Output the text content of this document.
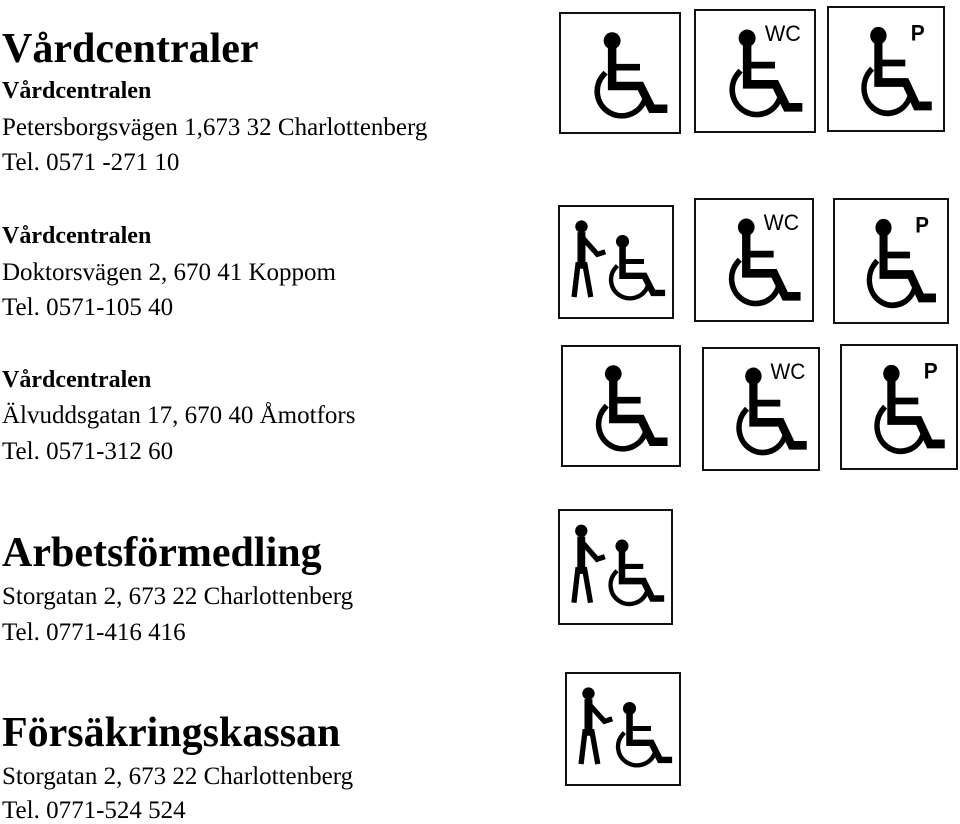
Vårdcentraler
Vårdcentralen
Petersborgsvägen 1,673 32 Charlottenberg
Tel. 0571 -271 10
Vårdcentralen
Doktorsvägen 2, 670 41 Koppom
Tel. 0571-105 40
Vårdcentralen
Älvuddsgatan 17, 670 40 Åmotfors
Tel. 0571-312 60
Arbetsförmedling
Storgatan 2, 673 22 Charlottenberg
Tel. 0771-416 416
Försäkringskassan
Storgatan 2, 673 22 Charlottenberg
Tel. 0771-524 524
WC	P
WC	P
WC	P
